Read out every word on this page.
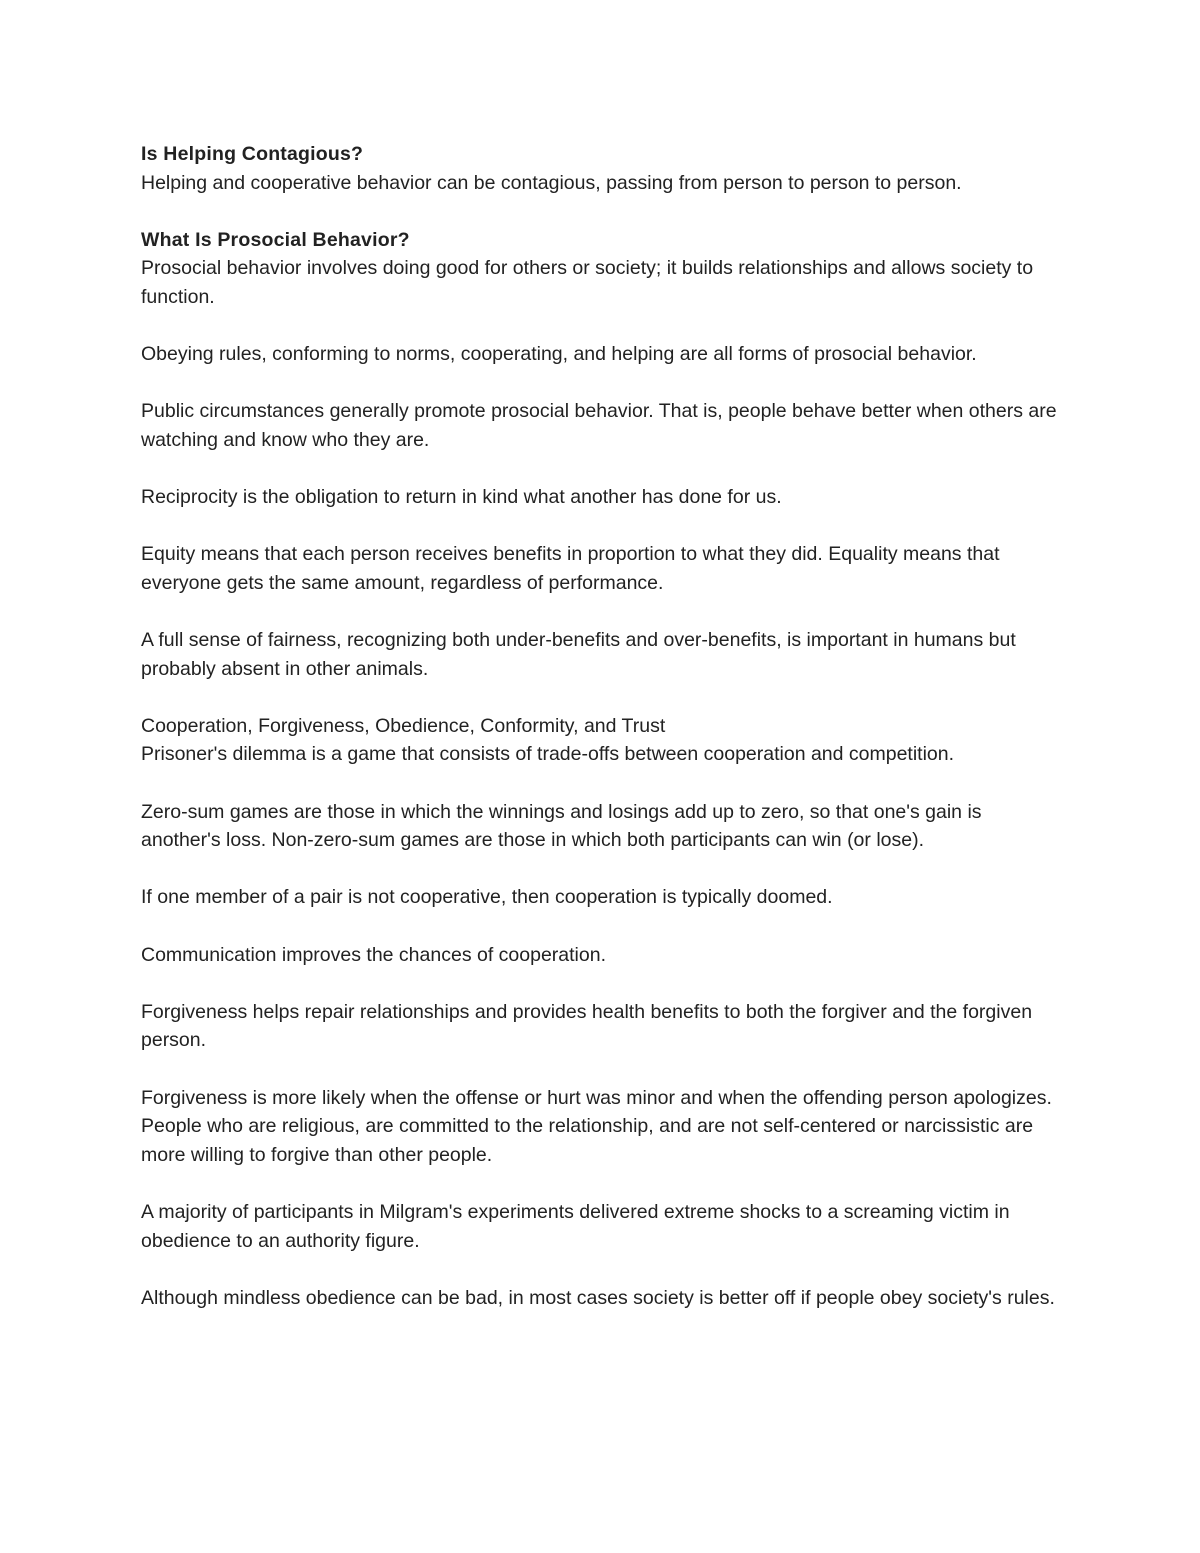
Is Helping Contagious?

Helping and cooperative behavior can be contagious, passing from person to person to person.

What Is Prosocial Behavior?

Prosocial behavior involves doing good for others or society; it builds relationships and allows society to function.

Obeying rules, conforming to norms, cooperating, and helping are all forms of prosocial behavior.

Public circumstances generally promote prosocial behavior. That is, people behave better when others are watching and know who they are.

Reciprocity is the obligation to return in kind what another has done for us.

Equity means that each person receives benefits in proportion to what they did. Equality means that everyone gets the same amount, regardless of performance.

A full sense of fairness, recognizing both under-benefits and over-benefits, is important in humans but probably absent in other animals.

Cooperation, Forgiveness, Obedience, Conformity, and Trust

Prisoner's dilemma is a game that consists of trade-offs between cooperation and competition.

Zero-sum games are those in which the winnings and losings add up to zero, so that one's gain is another's loss. Non-zero-sum games are those in which both participants can win (or lose).

If one member of a pair is not cooperative, then cooperation is typically doomed.

Communication improves the chances of cooperation.

Forgiveness helps repair relationships and provides health benefits to both the forgiver and the forgiven person.

Forgiveness is more likely when the offense or hurt was minor and when the offending person apologizes. People who are religious, are committed to the relationship, and are not self-centered or narcissistic are more willing to forgive than other people.

A majority of participants in Milgram's experiments delivered extreme shocks to a screaming victim in obedience to an authority figure.

Although mindless obedience can be bad, in most cases society is better off if people obey society's rules.
